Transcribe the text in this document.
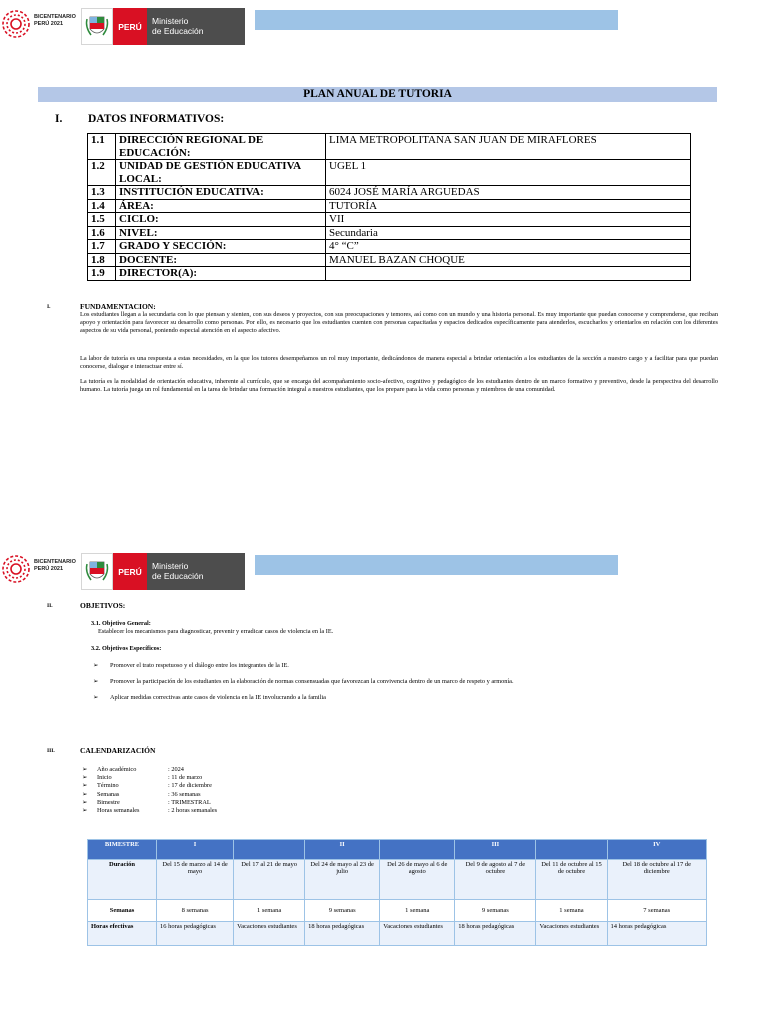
BICENTENARIO
PERÚ 2021	PERÚ
Ministerio
de Educación
PLAN ANUAL DE TUTORIA
I. DATOS INFORMATIVOS:
1.1	DIRECCIÓN REGIONAL DE EDUCACIÓN:	LIMA METROPOLITANA SAN JUAN DE MIRAFLORES
1.2	UNIDAD DE GESTIÓN EDUCATIVA LOCAL:	UGEL 1
1.3	INSTITUCIÓN EDUCATIVA:	6024 JOSÉ MARÍA ARGUEDAS
1.4	ÁREA:	TUTORÍA
1.5	CICLO:	VII
1.6	NIVEL:	Secundaria
1.7	GRADO Y SECCIÓN:	4° “C”
1.8	DOCENTE:	MANUEL BAZAN CHOQUE
1.9	DIRECTOR(A):	
I.	FUNDAMENTACION:
Los estudiantes llegan a la secundaria con lo que piensan y sienten, con sus deseos y proyectos, con sus preocupaciones y temores, así como con un mundo y una historia personal. Es muy importante que puedan conocerse y comprenderse, que reciban apoyo y orientación para favorecer su desarrollo como personas. Por ello, es necesario que los estudiantes cuenten con personas capacitadas y espacios dedicados específicamente para atenderlos, escucharlos y orientarlos en relación con los diferentes aspectos de su vida personal, poniendo especial atención en el aspecto afectivo.
La labor de tutoría es una respuesta a estas necesidades, en la que los tutores desempeñamos un rol muy importante, dedicándonos de manera especial a brindar orientación a los estudiantes de la sección a nuestro cargo y a facilitar para que puedan conocerse, dialogar e interactuar entre sí.
La tutoría es la modalidad de orientación educativa, inherente al currículo, que se encarga del acompañamiento socio-afectivo, cognitivo y pedagógico de los estudiantes dentro de un marco formativo y preventivo, desde la perspectiva del desarrollo humano. La tutoría juega un rol fundamental en la tarea de brindar una formación integral a nuestros estudiantes, que los prepare para la vida como personas y miembros de una comunidad.
BICENTENARIO
PERÚ 2021	PERÚ
Ministerio
de Educación
II.	OBJETIVOS:
3.1. Objetivo General:
Establecer los mecanismos para diagnosticar, prevenir y erradicar casos de violencia en la IE.
3.2. Objetivos Específicos:
➢ Promover el trato respetuoso y el diálogo entre los integrantes de la IE.
➢ Promover la participación de los estudiantes en la elaboración de normas consensuadas que favorezcan la convivencia dentro de un marco de respeto y armonía.
➢ Aplicar medidas correctivas ante casos de violencia en la IE involucrando a la familia
III.	CALENDARIZACIÓN
➢ Año académico	: 2024
➢ Inicio	: 11 de marzo
➢ Término	: 17 de diciembre
➢ Semanas	: 36 semanas
➢ Bimestre	: TRIMESTRAL
➢ Horas semanales	: 2 horas semanales
BIMESTRE	I		II		III		IV
Duración	Del 15 de marzo al 14 de mayo	Del 17 al 21 de mayo	Del 24 de mayo al 23 de julio	Del 26 de mayo al 6 de agosto	Del 9 de agosto al 7 de octubre	Del 11 de octubre al 15 de octubre	Del 18 de octubre al 17 de diciembre
Semanas	8 semanas	1 semana	9 semanas	1 semana	9 semanas	1 semana	7 semanas
Horas efectivas	16 horas pedagógicas	Vacaciones estudiantes	18 horas pedagógicas	Vacaciones estudiantes	18 horas pedagógicas	Vacaciones estudiantes	14 horas pedagógicas
